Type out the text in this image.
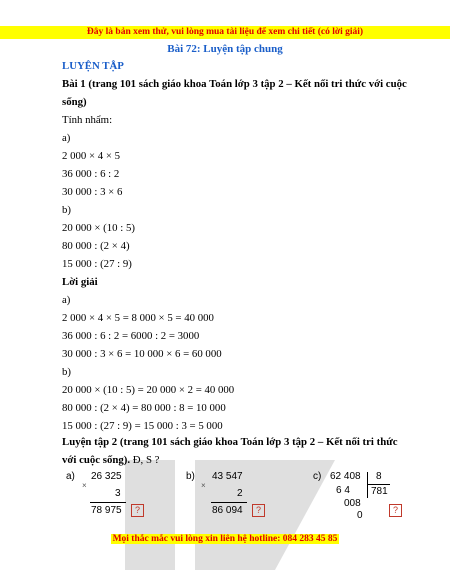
Đây là bản xem thử, vui lòng mua tài liệu để xem chi tiết (có lời giải)
Bài 72: Luyện tập chung
LUYỆN TẬP
Bài 1 (trang 101 sách giáo khoa Toán lớp 3 tập 2 – Kết nối tri thức với cuộc
sống)
Tính nhẩm:
a)
2 000 × 4 × 5
36 000 : 6 : 2
30 000 : 3 × 6
b)
20 000 × (10 : 5)
80 000 : (2 × 4)
15 000 : (27 : 9)
Lời giải
a)
2 000 × 4 × 5 = 8 000 × 5 = 40 000
36 000 : 6 : 2 = 6000 : 2 = 3000
30 000 : 3 × 6 = 10 000 × 6 = 60 000
b)
20 000 × (10 : 5) = 20 000 × 2 = 40 000
80 000 : (2 × 4) = 80 000 : 8 = 10 000
15 000 : (27 : 9) = 15 000 : 3 = 5 000
Luyện tập 2 (trang 101 sách giáo khoa Toán lớp 3 tập 2 – Kết nối tri thức
với cuộc sống). Đ, S ?
a)
×
26 325
3
78 975	?
b)
×
43 547
2
86 094	?
c) 62 408 8
781
6 4
008
0	?
Mọi thắc mắc vui lòng xin liên hệ hotline: 084 283 45 85
